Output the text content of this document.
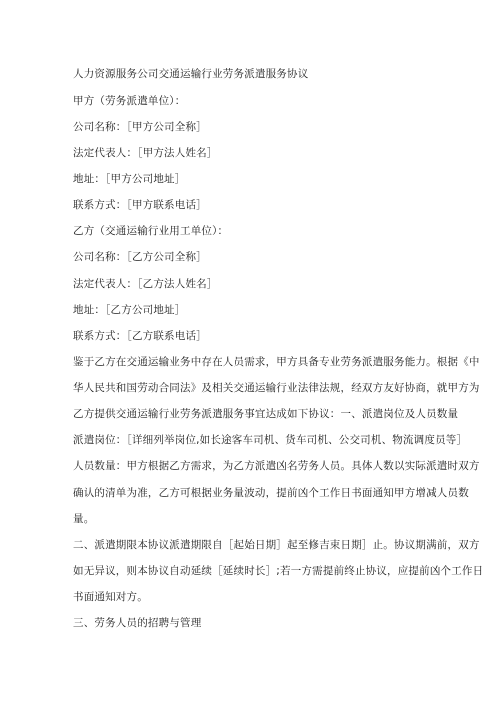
人力资源服务公司交通运输行业劳务派遣服务协议
甲方（劳务派遣单位）：
公司名称：［甲方公司全称］
法定代表人：［甲方法人姓名］
地址：［甲方公司地址］
联系方式：［甲方联系电话］
乙方（交通运输行业用工单位）：
公司名称：［乙方公司全称］
法定代表人：［乙方法人姓名］
地址：［乙方公司地址］
联系方式：［乙方联系电话］
鉴于乙方在交通运输业务中存在人员需求，甲方具备专业劳务派遣服务能力。根据《中
华人民共和国劳动合同法》及相关交通运输行业法律法规，经双方友好协商，就甲方为
乙方提供交通运输行业劳务派遣服务事宜达成如下协议：一、派遣岗位及人员数量
派遣岗位：［详细列举岗位,如长途客车司机、货车司机、公交司机、物流调度员等］
人员数量：甲方根据乙方需求，为乙方派遣凶名劳务人员。具体人数以实际派遣时双方
确认的清单为准，乙方可根据业务量波动，提前凶个工作日书面通知甲方增减人员数
量。
二、派遣期限本协议派遣期限自［起始日期］起至修吉束日期］止。协议期满前，双方
如无异议，则本协议自动延续［延续时长］;若一方需提前终止协议，应提前凶个工作日
书面通知对方。
三、劳务人员的招聘与管理
